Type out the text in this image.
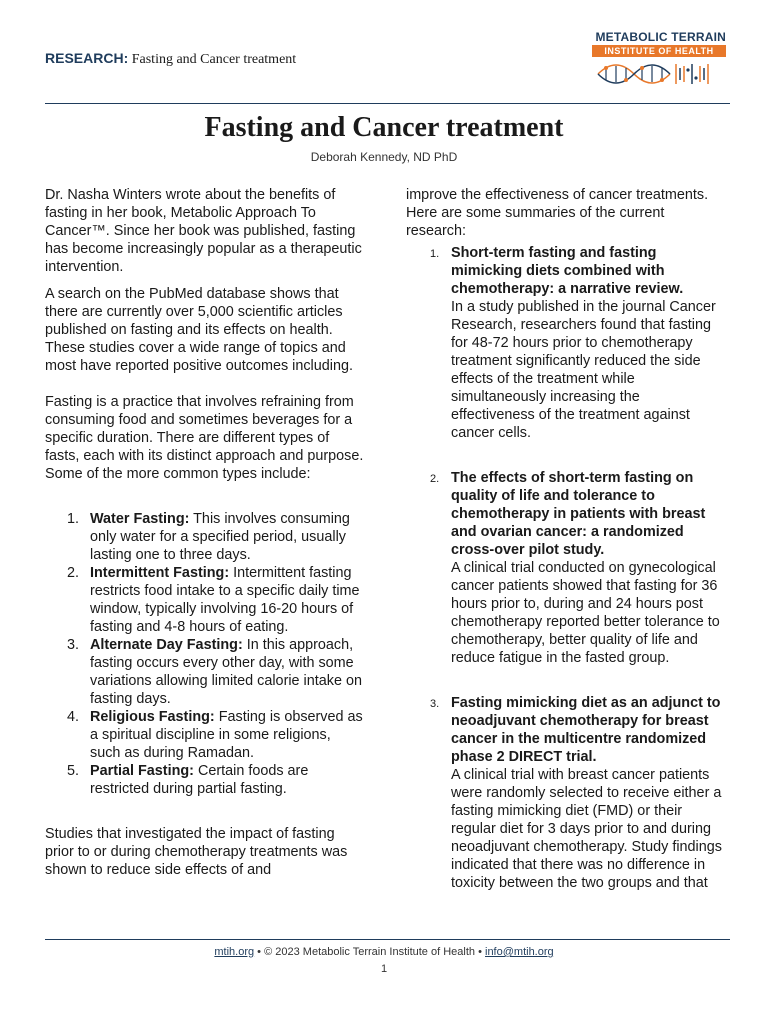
RESEARCH: Fasting and Cancer treatment
METABOLIC TERRAIN
INSTITUTE OF HEALTH
Fasting and Cancer treatment
Deborah Kennedy, ND PhD

Dr. Nasha Winters wrote about the benefits of fasting in her book, Metabolic Approach To Cancer™. Since her book was published, fasting has become increasingly popular as a therapeutic intervention.

A search on the PubMed database shows that there are currently over 5,000 scientific articles published on fasting and its effects on health. These studies cover a wide range of topics and most have reported positive outcomes including.

Fasting is a practice that involves refraining from consuming food and sometimes beverages for a specific duration. There are different types of fasts, each with its distinct approach and purpose. Some of the more common types include:

1. Water Fasting: This involves consuming only water for a specified period, usually lasting one to three days.
2. Intermittent Fasting: Intermittent fasting restricts food intake to a specific daily time window, typically involving 16-20 hours of fasting and 4-8 hours of eating.
3. Alternate Day Fasting: In this approach, fasting occurs every other day, with some variations allowing limited calorie intake on fasting days.
4. Religious Fasting: Fasting is observed as a spiritual discipline in some religions, such as during Ramadan.
5. Partial Fasting: Certain foods are restricted during partial fasting.

Studies that investigated the impact of fasting prior to or during chemotherapy treatments was shown to reduce side effects of and

improve the effectiveness of cancer treatments. Here are some summaries of the current research:

1. Short-term fasting and fasting mimicking diets combined with chemotherapy: a narrative review.
In a study published in the journal Cancer Research, researchers found that fasting for 48-72 hours prior to chemotherapy treatment significantly reduced the side effects of the treatment while simultaneously increasing the effectiveness of the treatment against cancer cells.
2. The effects of short-term fasting on quality of life and tolerance to chemotherapy in patients with breast and ovarian cancer: a randomized cross-over pilot study.
A clinical trial conducted on gynecological cancer patients showed that fasting for 36 hours prior to, during and 24 hours post chemotherapy reported better tolerance to chemotherapy, better quality of life and reduce fatigue in the fasted group.
3. Fasting mimicking diet as an adjunct to neoadjuvant chemotherapy for breast cancer in the multicentre randomized phase 2 DIRECT trial.
A clinical trial with breast cancer patients were randomly selected to receive either a fasting mimicking diet (FMD) or their regular diet for 3 days prior to and during neoadjuvant chemotherapy. Study findings indicated that there was no difference in toxicity between the two groups and that
mtih.org • © 2023 Metabolic Terrain Institute of Health • info@mtih.org
1
